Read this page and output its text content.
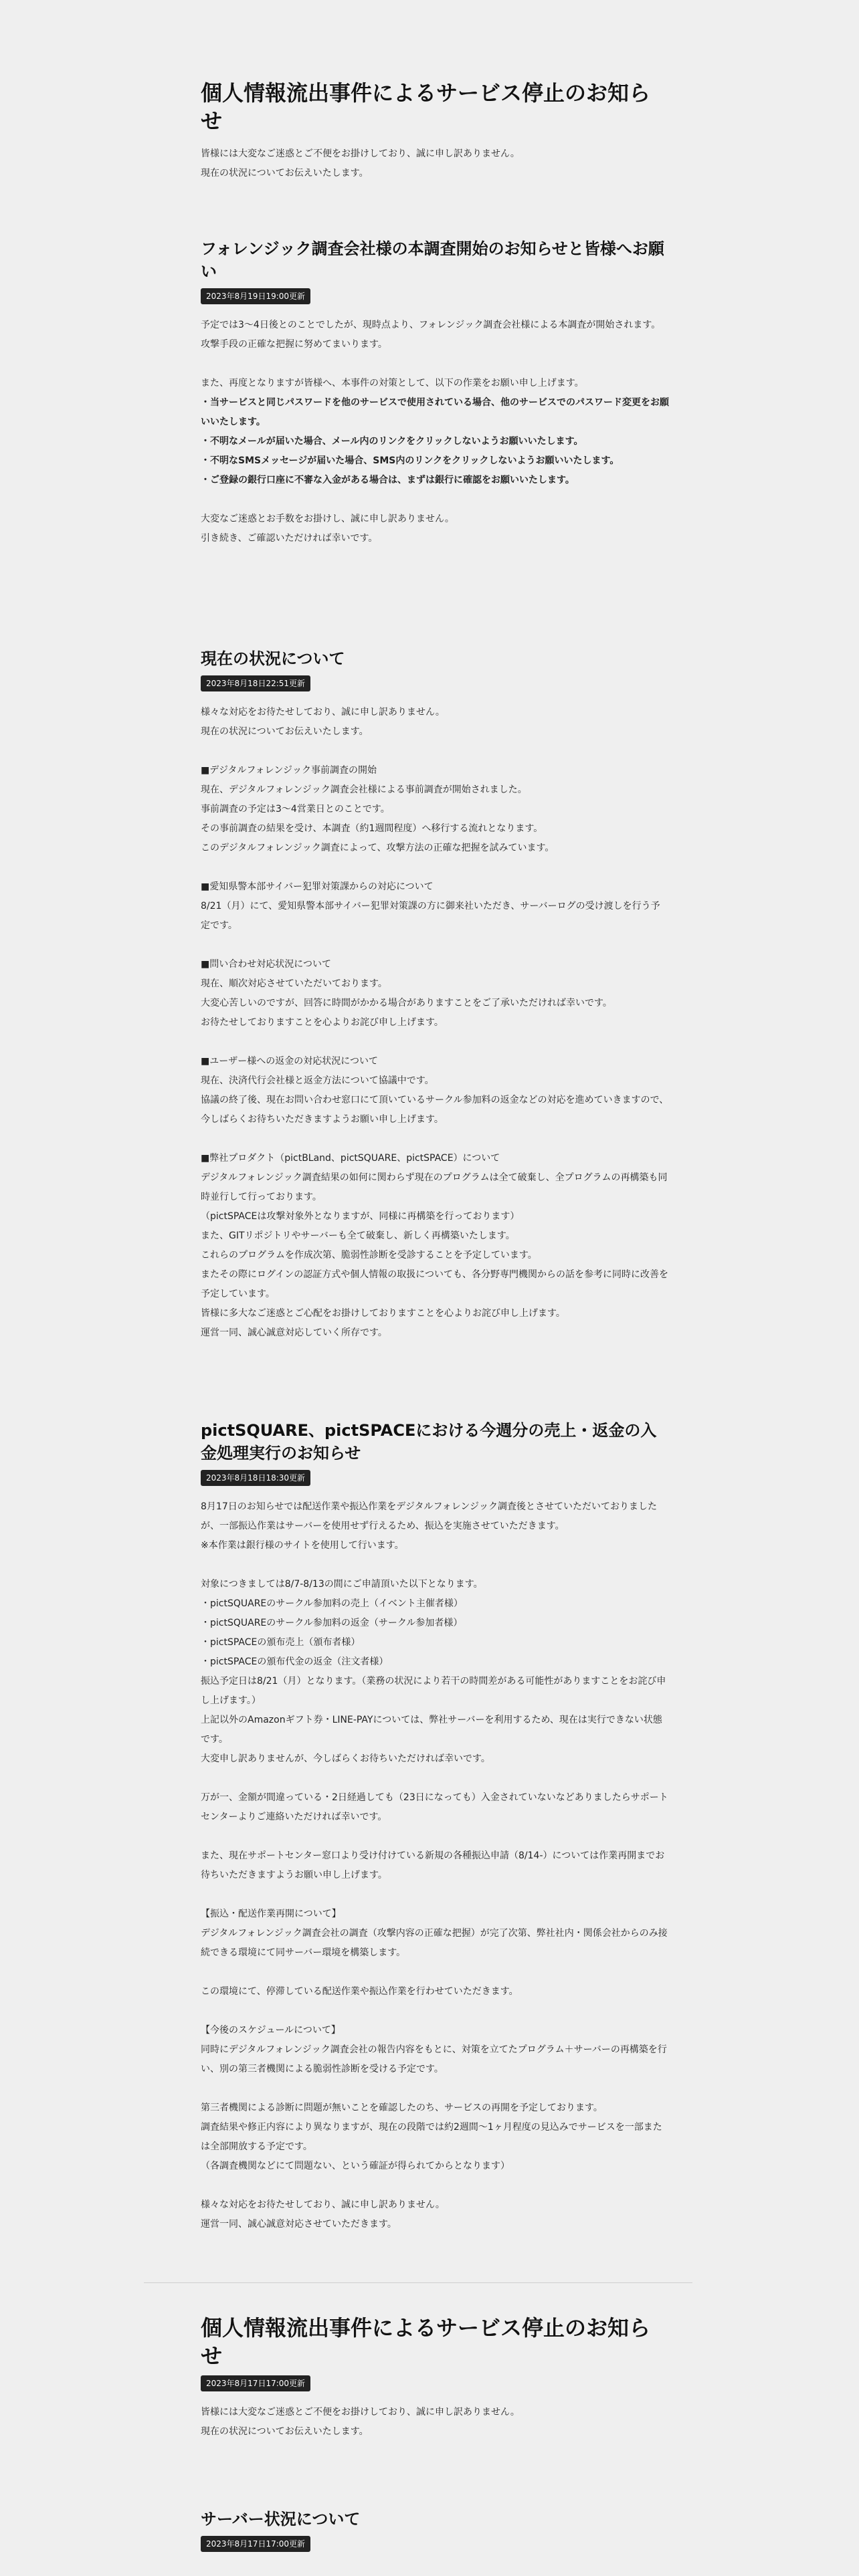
個人情報流出事件によるサービス停止のお知らせ
皆様には大変なご迷惑とご不便をお掛けしており、誠に申し訳ありません。
現在の状況についてお伝えいたします。
フォレンジック調査会社様の本調査開始のお知らせと皆様へお願い
2023年8月19日19:00更新
予定では3〜4日後とのことでしたが、現時点より、フォレンジック調査会社様による本調査が開始されます。
攻撃手段の正確な把握に努めてまいります。
また、再度となりますが皆様へ、本事件の対策として、以下の作業をお願い申し上げます。
・当サービスと同じパスワードを他のサービスで使用されている場合、他のサービスでのパスワード変更をお願いいたします。
・不明なメールが届いた場合、メール内のリンクをクリックしないようお願いいたします。
・不明なSMSメッセージが届いた場合、SMS内のリンクをクリックしないようお願いいたします。
・ご登録の銀行口座に不審な入金がある場合は、まずは銀行に確認をお願いいたします。
大変なご迷惑とお手数をお掛けし、誠に申し訳ありません。
引き続き、ご確認いただければ幸いです。
現在の状況について
2023年8月18日22:51更新
様々な対応をお待たせしており、誠に申し訳ありません。
現在の状況についてお伝えいたします。
■デジタルフォレンジック事前調査の開始
現在、デジタルフォレンジック調査会社様による事前調査が開始されました。
事前調査の予定は3〜4営業日とのことです。
その事前調査の結果を受け、本調査（約1週間程度）へ移行する流れとなります。
このデジタルフォレンジック調査によって、攻撃方法の正確な把握を試みています。
■愛知県警本部サイバー犯罪対策課からの対応について
8/21（月）にて、愛知県警本部サイバー犯罪対策課の方に御来社いただき、サーバーログの受け渡しを行う予定です。
■問い合わせ対応状況について
現在、順次対応させていただいております。
大変心苦しいのですが、回答に時間がかかる場合がありますことをご了承いただければ幸いです。
お待たせしておりますことを心よりお詫び申し上げます。
■ユーザー様への返金の対応状況について
現在、決済代行会社様と返金方法について協議中です。
協議の終了後、現在お問い合わせ窓口にて頂いているサークル参加料の返金などの対応を進めていきますので、今しばらくお待ちいただきますようお願い申し上げます。
■弊社プロダクト（pictBLand、pictSQUARE、pictSPACE）について
デジタルフォレンジック調査結果の如何に関わらず現在のプログラムは全て破棄し、全プログラムの再構築も同時並行して行っております。
（pictSPACEは攻撃対象外となりますが、同様に再構築を行っております）
また、GITリポジトリやサーバーも全て破棄し、新しく再構築いたします。
これらのプログラムを作成次第、脆弱性診断を受診することを予定しています。
またその際にログインの認証方式や個人情報の取扱についても、各分野専門機関からの話を参考に同時に改善を予定しています。
皆様に多大なご迷惑とご心配をお掛けしておりますことを心よりお詫び申し上げます。
運営一同、誠心誠意対応していく所存です。
pictSQUARE、pictSPACEにおける今週分の売上・返金の入金処理実行のお知らせ
2023年8月18日18:30更新
8月17日のお知らせでは配送作業や振込作業をデジタルフォレンジック調査後とさせていただいておりましたが、一部振込作業はサーバーを使用せず行えるため、振込を実施させていただきます。
※本作業は銀行様のサイトを使用して行います。
対象につきましては8/7-8/13の間にご申請頂いた以下となります。
・pictSQUAREのサークル参加料の売上（イベント主催者様）
・pictSQUAREのサークル参加料の返金（サークル参加者様）
・pictSPACEの頒布売上（頒布者様）
・pictSPACEの頒布代金の返金（注文者様）
振込予定日は8/21（月）となります。（業務の状況により若干の時間差がある可能性がありますことをお詫び申し上げます。）
上記以外のAmazonギフト券・LINE-PAYについては、弊社サーバーを利用するため、現在は実行できない状態です。
大変申し訳ありませんが、今しばらくお待ちいただければ幸いです。
万が一、金額が間違っている・2日経過しても（23日になっても）入金されていないなどありましたらサポートセンターよりご連絡いただければ幸いです。
また、現在サポートセンター窓口より受け付けている新規の各種振込申請（8/14-）については作業再開までお待ちいただきますようお願い申し上げます。
【振込・配送作業再開について】
デジタルフォレンジック調査会社の調査（攻撃内容の正確な把握）が完了次第、弊社社内・関係会社からのみ接続できる環境にて同サーバー環境を構築します。
この環境にて、停滞している配送作業や振込作業を行わせていただきます。
【今後のスケジュールについて】
同時にデジタルフォレンジック調査会社の報告内容をもとに、対策を立てたプログラム＋サーバーの再構築を行い、別の第三者機関による脆弱性診断を受ける予定です。
第三者機関による診断に問題が無いことを確認したのち、サービスの再開を予定しております。
調査結果や修正内容により異なりますが、現在の段階では約2週間〜1ヶ月程度の見込みでサービスを一部または全部開放する予定です。
（各調査機関などにて問題ない、という確証が得られてからとなります）
様々な対応をお待たせしており、誠に申し訳ありません。
運営一同、誠心誠意対応させていただきます。
個人情報流出事件によるサービス停止のお知らせ
2023年8月17日17:00更新
皆様には大変なご迷惑とご不便をお掛けしており、誠に申し訳ありません。
現在の状況についてお伝えいたします。
サーバー状況について
2023年8月17日17:00更新
